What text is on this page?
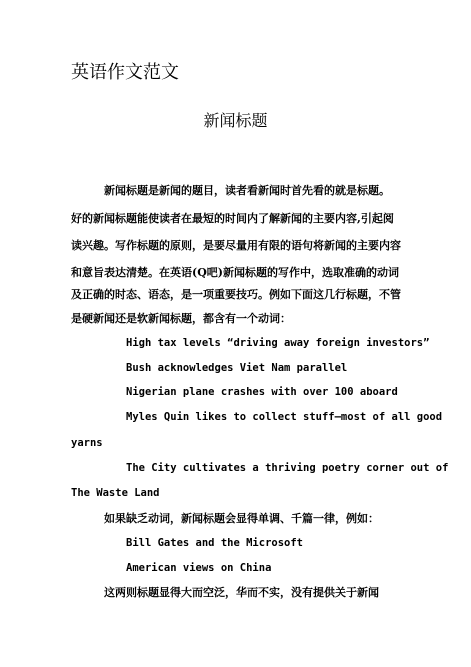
英语作文范文
新闻标题
新闻标题是新闻的题目，读者看新闻时首先看的就是标题。
好的新闻标题能使读者在最短的时间内了解新闻的主要内容,引起阅
读兴趣。写作标题的原则，是要尽量用有限的语句将新闻的主要内容
和意旨表达清楚。在英语(Q吧)新闻标题的写作中，选取准确的动词
及正确的时态、语态，是一项重要技巧。例如下面这几行标题，不管
是硬新闻还是软新闻标题，都含有一个动词：
High tax levels “driving away foreign investors”
Bush acknowledges Viet Nam parallel
Nigerian plane crashes with over 100 aboard
Myles Quin likes to collect stuff—most of all good
yarns
The City cultivates a thriving poetry corner out of
The Waste Land
如果缺乏动词，新闻标题会显得单调、千篇一律，例如：
Bill Gates and the Microsoft
American views on China
这两则标题显得大而空泛，华而不实，没有提供关于新闻
